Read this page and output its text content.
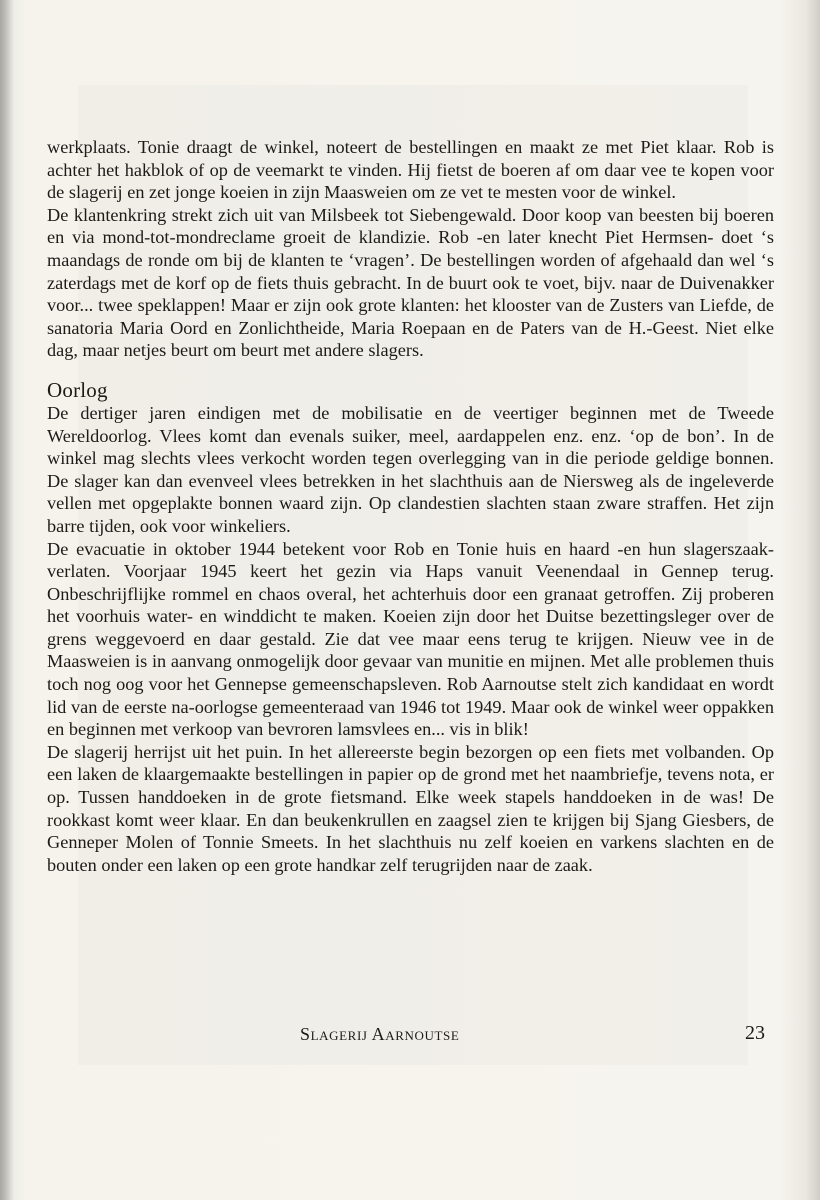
werkplaats. Tonie draagt de winkel, noteert de bestellingen en maakt ze met Piet klaar. Rob is achter het hakblok of op de veemarkt te vinden. Hij fietst de boeren af om daar vee te kopen voor de slagerij en zet jonge koeien in zijn Maasweien om ze vet te mesten voor de winkel.

De klantenkring strekt zich uit van Milsbeek tot Siebengewald. Door koop van beesten bij boeren en via mond-tot-mondreclame groeit de klandizie. Rob -en later knecht Piet Hermsen- doet ‘s maandags de ronde om bij de klanten te ‘vragen’. De bestellingen worden of afgehaald dan wel ‘s zaterdags met de korf op de fiets thuis gebracht. In de buurt ook te voet, bijv. naar de Duivenakker voor... twee speklappen! Maar er zijn ook grote klanten: het klooster van de Zusters van Liefde, de sanatoria Maria Oord en Zonlichtheide, Maria Roepaan en de Paters van de H.-Geest. Niet elke dag, maar netjes beurt om beurt met andere slagers.

Oorlog

De dertiger jaren eindigen met de mobilisatie en de veertiger beginnen met de Tweede Wereldoorlog. Vlees komt dan evenals suiker, meel, aardappelen enz. enz. ‘op de bon’. In de winkel mag slechts vlees verkocht worden tegen overlegging van in die periode geldige bonnen. De slager kan dan evenveel vlees betrekken in het slachthuis aan de Niersweg als de ingeleverde vellen met opgeplakte bonnen waard zijn. Op clandestien slachten staan zware straffen. Het zijn barre tijden, ook voor winkeliers.

De evacuatie in oktober 1944 betekent voor Rob en Tonie huis en haard -en hun slagerszaak- verlaten. Voorjaar 1945 keert het gezin via Haps vanuit Veenendaal in Gennep terug. Onbeschrijflijke rommel en chaos overal, het achterhuis door een granaat getroffen. Zij proberen het voorhuis water- en winddicht te maken. Koeien zijn door het Duitse bezettingsleger over de grens weggevoerd en daar gestald. Zie dat vee maar eens terug te krijgen. Nieuw vee in de Maasweien is in aanvang onmogelijk door gevaar van munitie en mijnen. Met alle problemen thuis toch nog oog voor het Gennepse gemeenschapsleven. Rob Aarnoutse stelt zich kandidaat en wordt lid van de eerste na-oorlogse gemeenteraad van 1946 tot 1949. Maar ook de winkel weer oppakken en beginnen met verkoop van bevroren lamsvlees en... vis in blik!

De slagerij herrijst uit het puin. In het allereerste begin bezorgen op een fiets met volbanden. Op een laken de klaargemaakte bestellingen in papier op de grond met het naambriefje, tevens nota, er op. Tussen handdoeken in de grote fietsmand. Elke week stapels handdoeken in de was! De rookkast komt weer klaar. En dan beukenkrullen en zaagsel zien te krijgen bij Sjang Giesbers, de Genneper Molen of Tonnie Smeets. In het slachthuis nu zelf koeien en varkens slachten en de bouten onder een laken op een grote handkar zelf terugrijden naar de zaak.

Slagerij Aarnoutse	23
